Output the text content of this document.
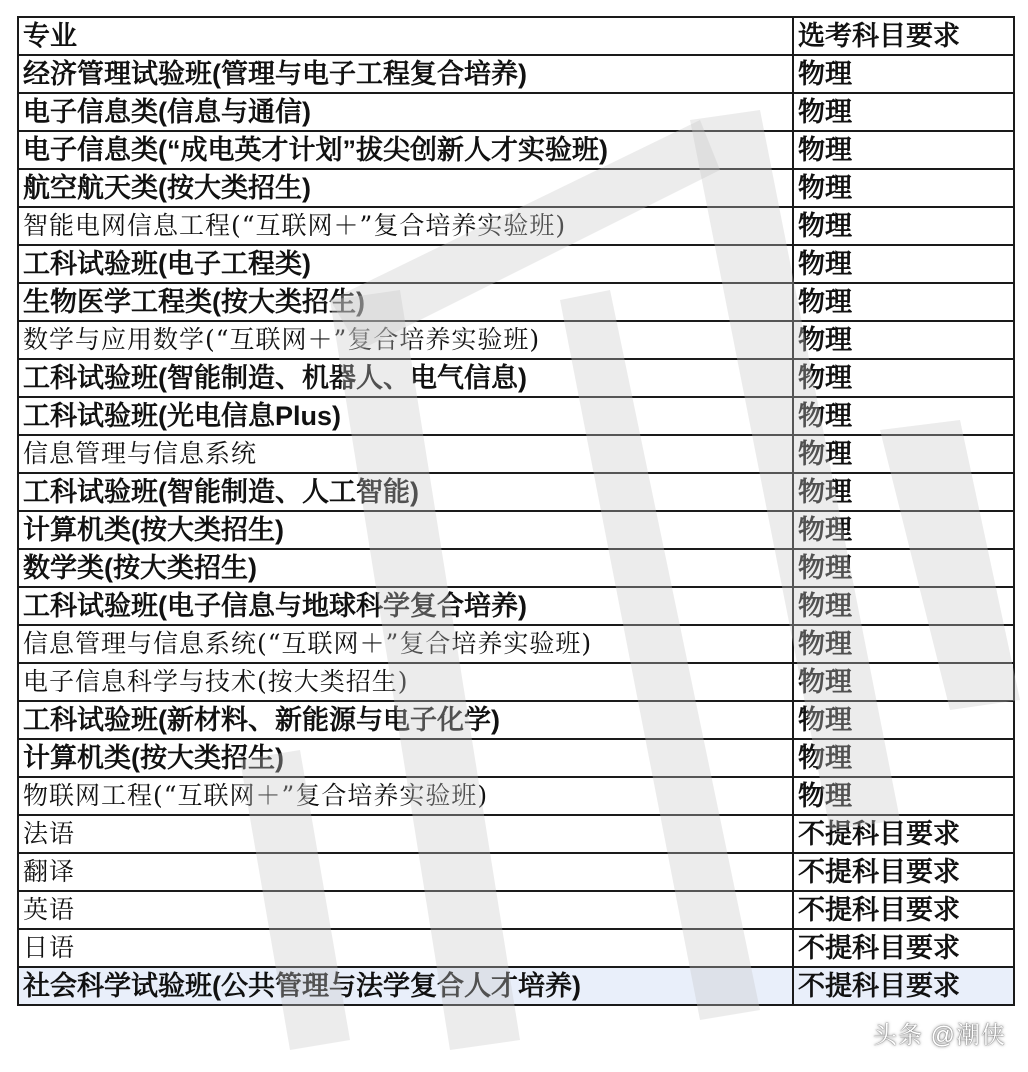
专业	选考科目要求
经济管理试验班(管理与电子工程复合培养)	物理
电子信息类(信息与通信)	物理
电子信息类(“成电英才计划”拔尖创新人才实验班)	物理
航空航天类(按大类招生)	物理
智能电网信息工程(“互联网＋”复合培养实验班)	物理
工科试验班(电子工程类)	物理
生物医学工程类(按大类招生)	物理
数学与应用数学(“互联网＋”复合培养实验班)	物理
工科试验班(智能制造、机器人、电气信息)	物理
工科试验班(光电信息Plus)	物理
信息管理与信息系统	物理
工科试验班(智能制造、人工智能)	物理
计算机类(按大类招生)	物理
数学类(按大类招生)	物理
工科试验班(电子信息与地球科学复合培养)	物理
信息管理与信息系统(“互联网＋”复合培养实验班)	物理
电子信息科学与技术(按大类招生)	物理
工科试验班(新材料、新能源与电子化学)	物理
计算机类(按大类招生)	物理
物联网工程(“互联网＋”复合培养实验班)	物理
法语	不提科目要求
翻译	不提科目要求
英语	不提科目要求
日语	不提科目要求
社会科学试验班(公共管理与法学复合人才培养)	不提科目要求
头条 @潮侠
